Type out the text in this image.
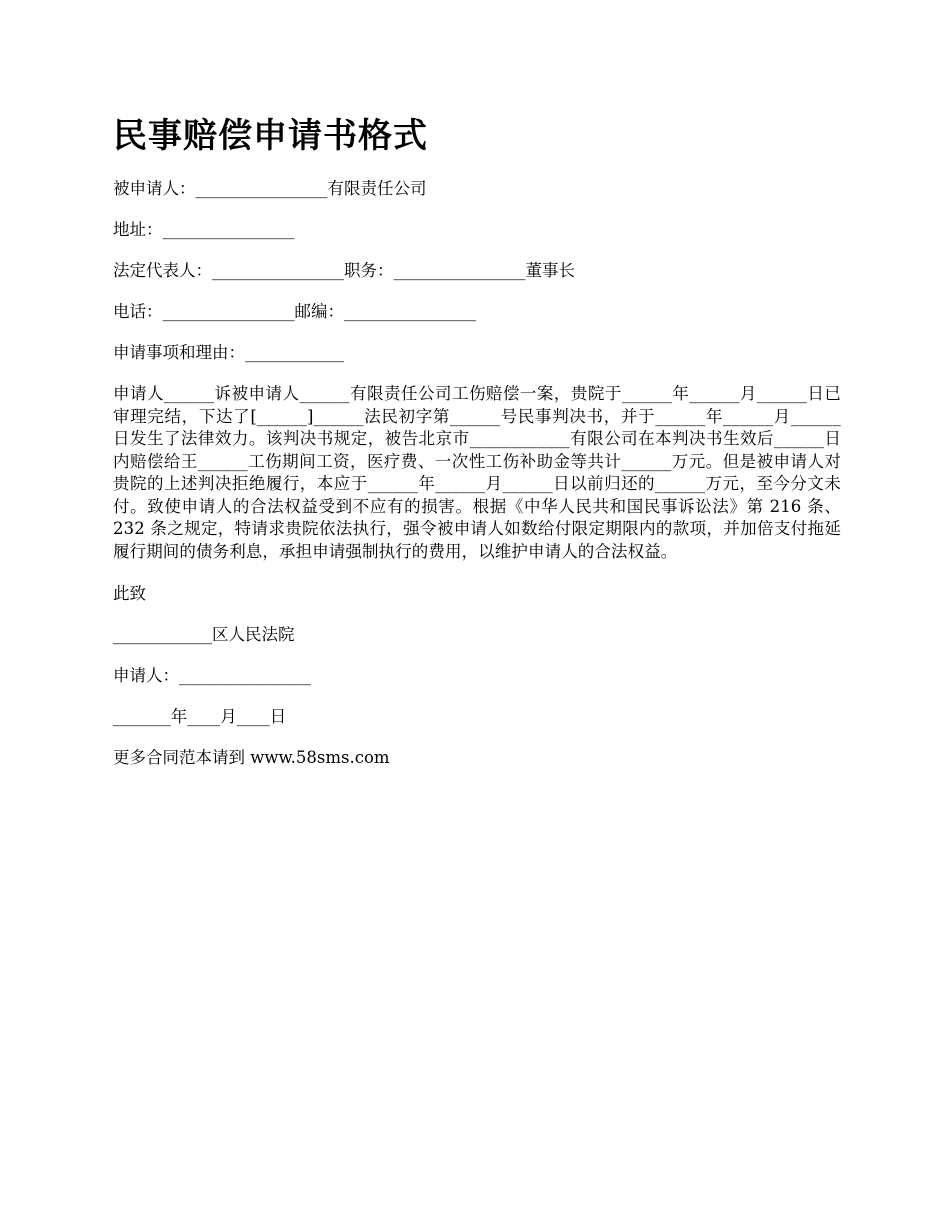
民事赔偿申请书格式

被申请人：________________有限责任公司

地址：________________

法定代表人：________________职务：________________董事长

电话：________________邮编：________________

申请事项和理由：____________

申请人______诉被申请人______有限责任公司工伤赔偿一案，贵院于______年______月______日已审理完结，下达了[______]______法民初字第______号民事判决书，并于______年______月______日发生了法律效力。该判决书规定，被告北京市____________有限公司在本判决书生效后______日内赔偿给王______工伤期间工资，医疗费、一次性工伤补助金等共计______万元。但是被申请人对贵院的上述判决拒绝履行，本应于______年______月______日以前归还的______万元，至今分文未付。致使申请人的合法权益受到不应有的损害。根据《中华人民共和国民事诉讼法》第 216 条、232 条之规定，特请求贵院依法执行，强令被申请人如数给付限定期限内的款项，并加倍支付拖延履行期间的债务利息，承担申请强制执行的费用，以维护申请人的合法权益。

此致

____________区人民法院

申请人：________________

_______年____月____日

更多合同范本请到 www.58sms.com
